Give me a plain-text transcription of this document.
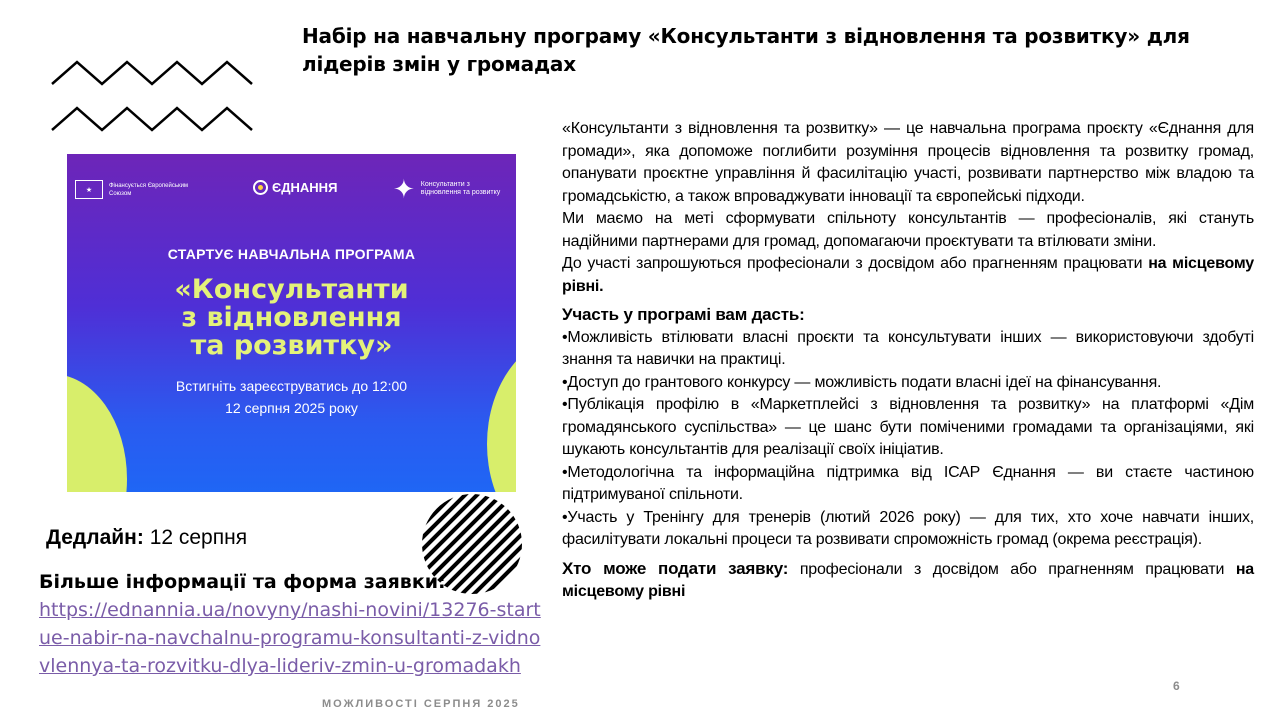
Набір на навчальну програму «Консультанти з відновлення та розвитку» для лідерів змін у громадах
★
Фінансується Європейським Союзом	ЄДНАННЯ ✦ Консультанти з відновлення та розвитку
СТАРТУЄ НАВЧАЛЬНА ПРОГРАМА
«Консультанти
з відновлення
та розвитку»
Встигніть зареєструватись до 12:00
12 серпня 2025 року
Дедлайн: 12 серпня
Більше інформації та форма заявки:
https://ednannia.ua/novyny/nashi-novini/13276-startue-nabir-na-navchalnu-programu-konsultanti-z-vidnovlennya-ta-rozvitku-dlya-lideriv-zmin-u-gromadakh

«Консультанти з відновлення та розвитку» — це навчальна програма проєкту «Єднання для громади», яка допоможе поглибити розуміння процесів відновлення та розвитку громад, опанувати проєктне управління й фасилітацію участі, розвивати партнерство між владою та громадськістю, а також впроваджувати інновації та європейські підходи.

Ми маємо на меті сформувати спільноту консультантів — професіоналів, які стануть надійними партнерами для громад, допомагаючи проєктувати та втілювати зміни.

До участі запрошуються професіонали з досвідом або прагненням працювати на місцевому рівні.

Участь у програмі вам дасть:

•Можливість втілювати власні проєкти та консультувати інших — використовуючи здобуті знання та навички на практиці.

•Доступ до грантового конкурсу — можливість подати власні ідеї на фінансування.

•Публікація профілю в «Маркетплейсі з відновлення та розвитку» на платформі «Дім громадянського суспільства» — це шанс бути поміченими громадами та організаціями, які шукають консультантів для реалізації своїх ініціатив.

•Методологічна та інформаційна підтримка від ІСАР Єднання — ви стаєте частиною підтримуваної спільноти.

•Участь у Тренінгу для тренерів (лютий 2026 року) — для тих, хто хоче навчати інших, фасилітувати локальні процеси та розвивати спроможність громад (окрема реєстрація).

Хто може подати заявку: професіонали з досвідом або прагненням працювати на місцевому рівні

МОЖЛИВОСТІ СЕРПНЯ 2025
6
